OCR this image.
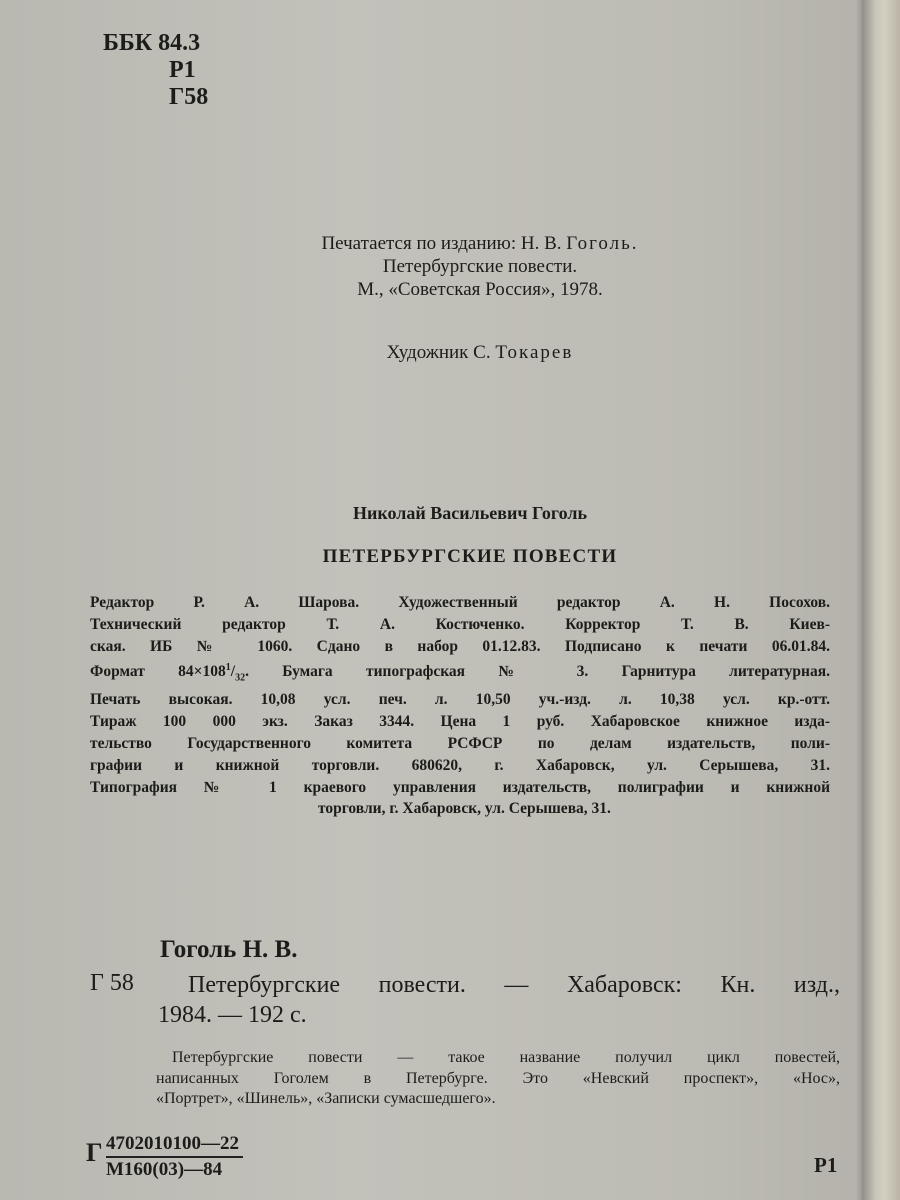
ББК 84.3
Р1
Г58
Печатается по изданию: Н. В. Гоголь.
Петербургские повести.
М., «Советская Россия», 1978.
Художник С. Токарев
Николай Васильевич Гоголь
ПЕТЕРБУРГСКИЕ ПОВЕСТИ
Редактор Р. А. Шарова. Художественный редактор А. Н. Посохов.
Технический редактор Т. А. Костюченко. Корректор Т. В. Киев-
ская. ИБ № 1060. Сдано в набор 01.12.83. Подписано к печати 06.01.84.
Формат $84\times 108^1/_{32}$. Бумага типографская № 3. Гарнитура литературная.
Печать высокая. 10,08 усл. печ. л. 10,50 уч.-изд. л. 10,38 усл. кр.-отт.
Тираж 100 000 экз. Заказ 3344. Цена 1 руб. Хабаровское книжное изда-
тельство Государственного комитета РСФСР по делам издательств, поли-
графии и книжной торговли. 680620, г. Хабаровск, ул. Серышева, 31.
Типография № 1 краевого управления издательств, полиграфии и книжной
торговли, г. Хабаровск, ул. Серышева, 31.
Гоголь Н. В.
Г 58	Петербургские повести. — Хабаровск: Кн. изд.,
1984. — 192 с.
Петербургские повести — такое название получил цикл повестей,
написанных Гоголем в Петербурге. Это «Невский проспект», «Нос»,
«Портрет», «Шинель», «Записки сумасшедшего».
Г 4702010100—22
М160(03)—84	Р1
